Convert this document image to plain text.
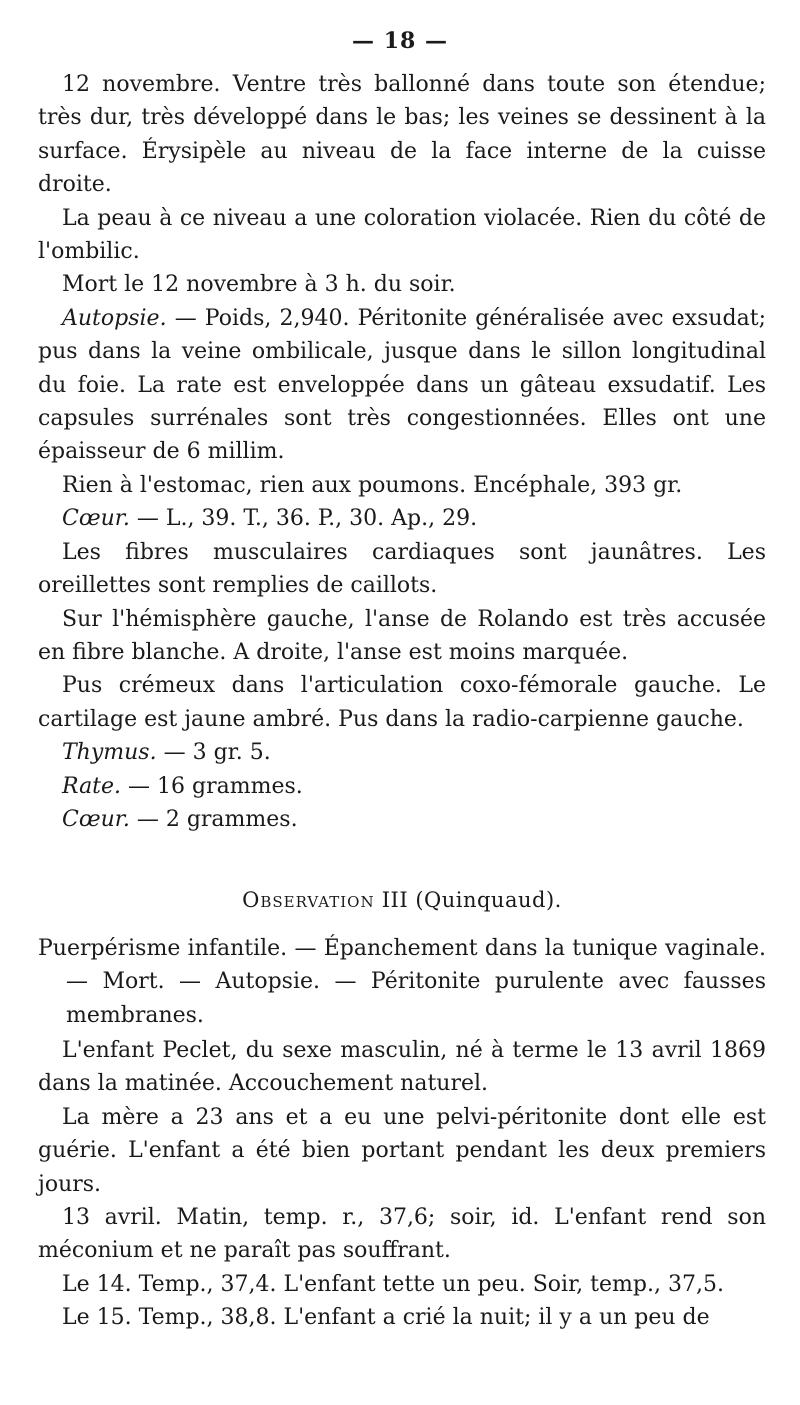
— 18 —

12 novembre. Ventre très ballonné dans toute son étendue; très dur, très développé dans le bas; les veines se dessinent à la surface. Érysipèle au niveau de la face interne de la cuisse droite.

La peau à ce niveau a une coloration violacée. Rien du côté de l'ombilic.

Mort le 12 novembre à 3 h. du soir.

Autopsie. — Poids, 2,940. Péritonite généralisée avec exsudat; pus dans la veine ombilicale, jusque dans le sillon longitudinal du foie. La rate est enveloppée dans un gâteau exsudatif. Les capsules surrénales sont très congestionnées. Elles ont une épaisseur de 6 millim.

Rien à l'estomac, rien aux poumons. Encéphale, 393 gr.

Cœur. — L., 39. T., 36. P., 30. Ap., 29.

Les fibres musculaires cardiaques sont jaunâtres. Les oreillettes sont remplies de caillots.

Sur l'hémisphère gauche, l'anse de Rolando est très accusée en fibre blanche. A droite, l'anse est moins marquée.

Pus crémeux dans l'articulation coxo-fémorale gauche. Le cartilage est jaune ambré. Pus dans la radio-carpienne gauche.

Thymus. — 3 gr. 5.

Rate. — 16 grammes.

Cœur. — 2 grammes.

Observation III (Quinquaud).

Puerpérisme infantile. — Épanchement dans la tunique vaginale. — Mort. — Autopsie. — Péritonite purulente avec fausses membranes.

L'enfant Peclet, du sexe masculin, né à terme le 13 avril 1869 dans la matinée. Accouchement naturel.

La mère a 23 ans et a eu une pelvi-péritonite dont elle est guérie. L'enfant a été bien portant pendant les deux premiers jours.

13 avril. Matin, temp. r., 37,6; soir, id. L'enfant rend son méconium et ne paraît pas souffrant.

Le 14. Temp., 37,4. L'enfant tette un peu. Soir, temp., 37,5.

Le 15. Temp., 38,8. L'enfant a crié la nuit; il y a un peu de
